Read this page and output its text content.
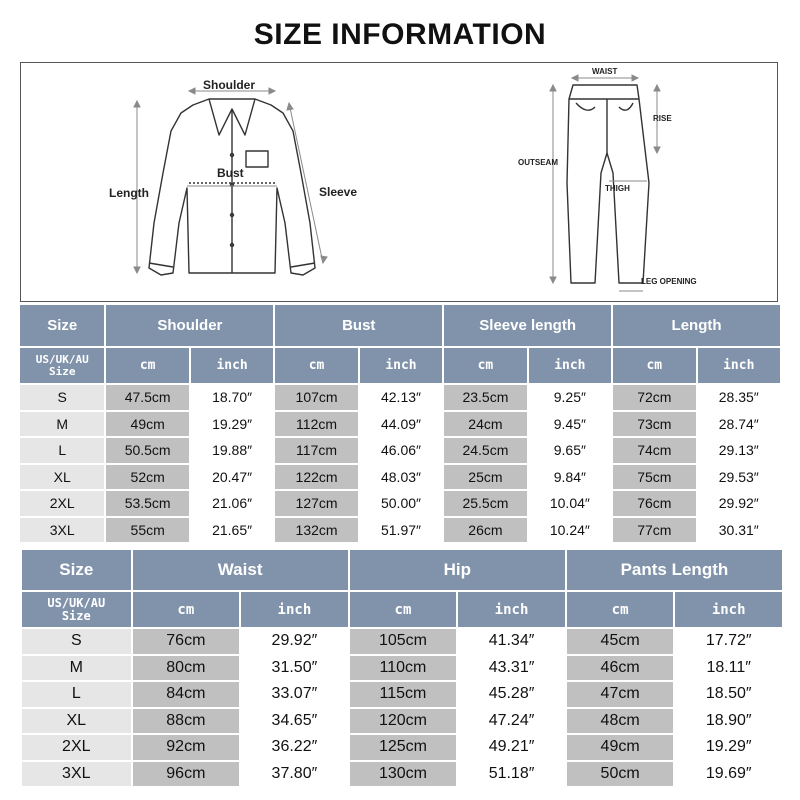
SIZE INFORMATION
Shoulder
Bust
Length	Sleeve
WAIST
RISE
OUTSEAM
THIGH
LEG OPENING
Size	Shoulder		Bust		Sleeve length		Length	

US/UK/AU
Size	cm	inch	cm	inch	cm	inch	cm	inch
S	47.5cm	18.70″	107cm	42.13″	23.5cm	9.25″	72cm	28.35″
M	49cm	19.29″	112cm	44.09″	24cm	9.45″	73cm	28.74″
L	50.5cm	19.88″	117cm	46.06″	24.5cm	9.65″	74cm	29.13″
XL	52cm	20.47″	122cm	48.03″	25cm	9.84″	75cm	29.53″
2XL	53.5cm	21.06″	127cm	50.00″	25.5cm	10.04″	76cm	29.92″
3XL	55cm	21.65″	132cm	51.97″	26cm	10.24″	77cm	30.31″
Size	Waist		Hip		Pants Length	

US/UK/AU
Size	cm	inch	cm	inch	cm	inch
S	76cm	29.92″	105cm	41.34″	45cm	17.72″
M	80cm	31.50″	110cm	43.31″	46cm	18.11″
L	84cm	33.07″	115cm	45.28″	47cm	18.50″
XL	88cm	34.65″	120cm	47.24″	48cm	18.90″
2XL	92cm	36.22″	125cm	49.21″	49cm	19.29″
3XL	96cm	37.80″	130cm	51.18″	50cm	19.69″
